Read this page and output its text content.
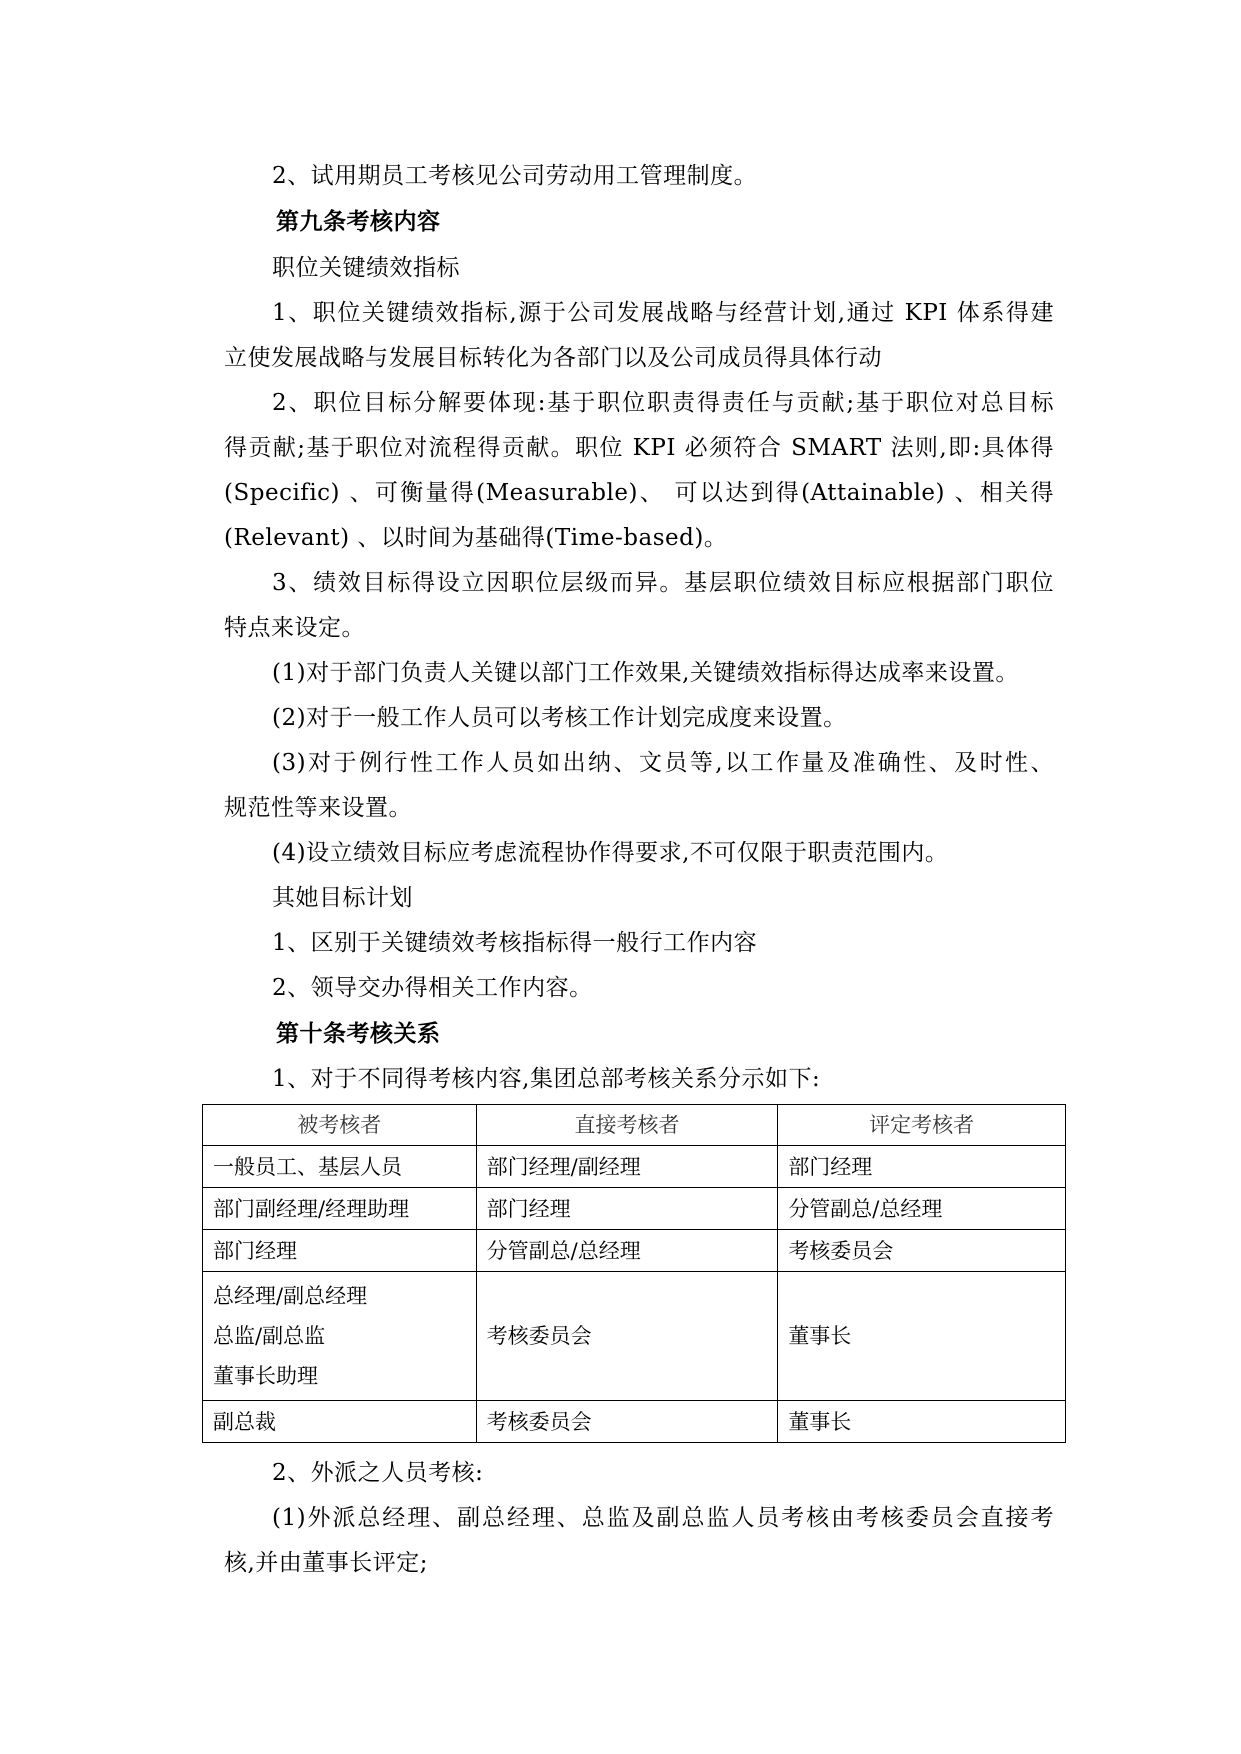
2、试用期员工考核见公司劳动用工管理制度。
第九条考核内容
职位关键绩效指标
1、职位关键绩效指标,源于公司发展战略与经营计划,通过 KPI 体系得建
立使发展战略与发展目标转化为各部门以及公司成员得具体行动
2、职位目标分解要体现:基于职位职责得责任与贡献;基于职位对总目标
得贡献;基于职位对流程得贡献。职位 KPI 必须符合 SMART 法则,即:具体得
(Specific) 、可衡量得(Measurable)、 可以达到得(Attainable) 、相关得
(Relevant) 、以时间为基础得(Time-based)。
3、绩效目标得设立因职位层级而异。基层职位绩效目标应根据部门职位
特点来设定。
(1)对于部门负责人关键以部门工作效果,关键绩效指标得达成率来设置。
(2)对于一般工作人员可以考核工作计划完成度来设置。
(3)对于例行性工作人员如出纳、文员等,以工作量及准确性、及时性、
规范性等来设置。
(4)设立绩效目标应考虑流程协作得要求,不可仅限于职责范围内。
其她目标计划
1、区别于关键绩效考核指标得一般行工作内容
2、领导交办得相关工作内容。
第十条考核关系
1、对于不同得考核内容,集团总部考核关系分示如下:
被考核者	直接考核者	评定考核者
一般员工、基层人员	部门经理/副经理	部门经理
部门副经理/经理助理	部门经理	分管副总/总经理
部门经理	分管副总/总经理	考核委员会

总经理/副总经理
总监/副总监
董事长助理	考核委员会	董事长
副总裁	考核委员会	董事长
2、外派之人员考核:
(1)外派总经理、副总经理、总监及副总监人员考核由考核委员会直接考
核,并由董事长评定;
